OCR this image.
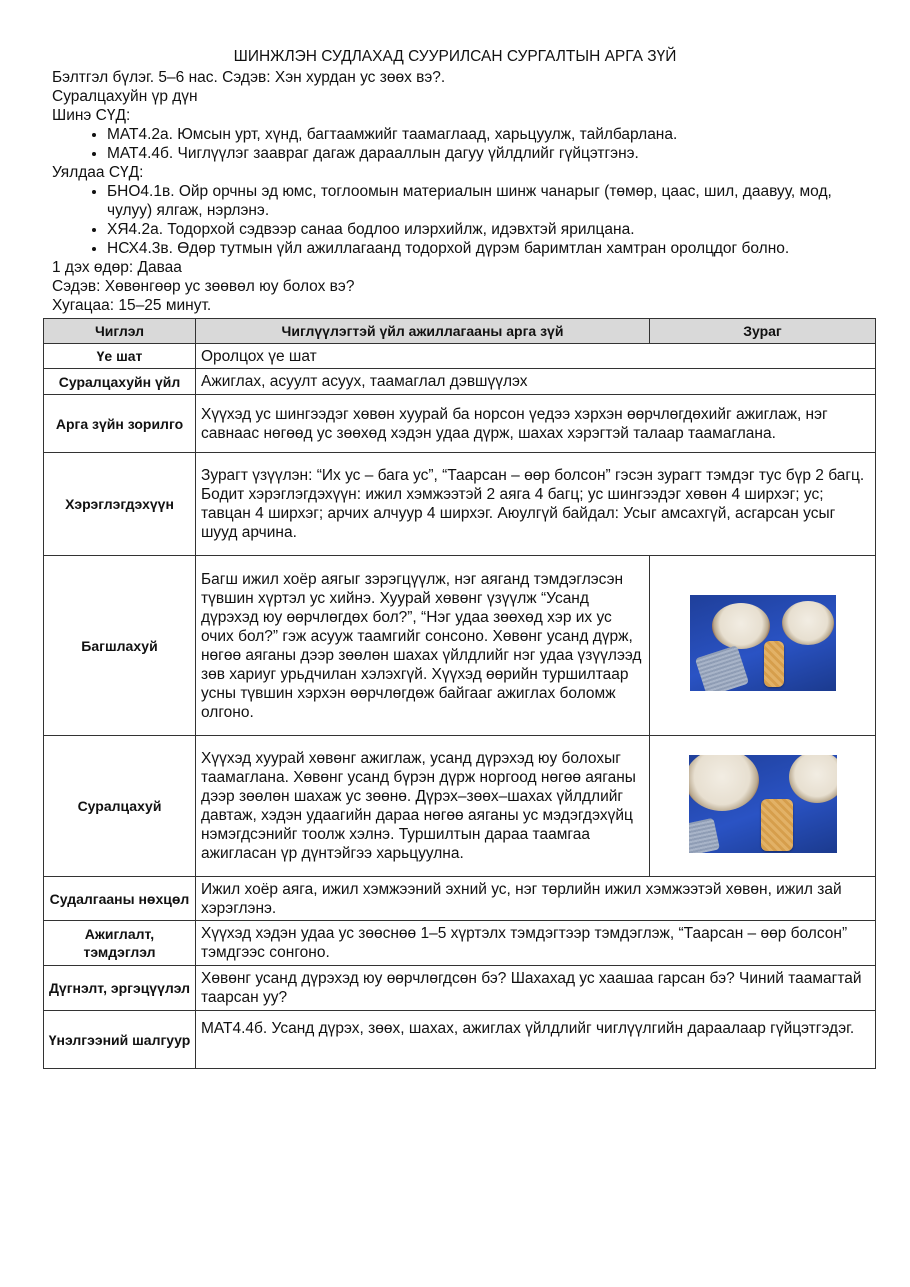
ШИНЖЛЭН СУДЛАХАД СУУРИЛСАН СУРГАЛТЫН АРГА ЗҮЙ
Бэлтгэл бүлэг. 5–6 нас. Сэдэв: Хэн хурдан ус зөөх вэ?.
Суралцахуйн үр дүн
Шинэ СҮД:
• МАТ4.2а. Юмсын урт, хүнд, багтаамжийг таамаглаад, харьцуулж, тайлбарлана.
• МАТ4.4б. Чиглүүлэг заавраг дагаж дарааллын дагуу үйлдлийг гүйцэтгэнэ.
Уялдаа СҮД:
• БНО4.1в. Ойр орчны эд юмс, тоглоомын материалын шинж чанарыг (төмөр, цаас, шил, даавуу, мод, чулуу) ялгаж, нэрлэнэ.
• ХЯ4.2а. Тодорхой сэдвээр санаа бодлоо илэрхийлж, идэвхтэй ярилцана.
• НСХ4.3в. Өдөр тутмын үйл ажиллагаанд тодорхой дүрэм баримтлан хамтран оролцдог болно.
1 дэх өдөр: Даваа
Сэдэв: Хөвөнгөөр ус зөөвөл юу болох вэ?
Хугацаа: 15–25 минут.
Чиглэл	Чиглүүлэгтэй үйл ажиллагааны арга зүй	Зураг
Үе шат	Оролцох үе шат	
Суралцахуйн үйл	Ажиглах, асуулт асуух, таамаглал дэвшүүлэх	
Арга зүйн зорилго	Хүүхэд ус шингээдэг хөвөн хуурай ба норсон үедээ хэрхэн өөрчлөгдөхийг ажиглаж, нэг савнаас нөгөөд ус зөөхөд хэдэн удаа дүрж, шахах хэрэгтэй талаар таамаглана.	
Хэрэглэгдэхүүн	Зурагт үзүүлэн: “Их ус – бага ус”, “Таарсан – өөр болсон” гэсэн зурагт тэмдэг тус бүр 2 багц. Бодит хэрэглэгдэхүүн: ижил хэмжээтэй 2 аяга 4 багц; ус шингээдэг хөвөн 4 ширхэг; ус; тавцан 4 ширхэг; арчих алчуур 4 ширхэг. Аюулгүй байдал: Усыг амсахгүй, асгарсан усыг шууд арчина.	
Багшлахуй	Багш ижил хоёр аягыг зэрэгцүүлж, нэг аяганд тэмдэглэсэн түвшин хүртэл ус хийнэ. Хуурай хөвөнг үзүүлж “Усанд дүрэхэд юу өөрчлөгдөх бол?”, “Нэг удаа зөөхөд хэр их ус очих бол?” гэж асууж таамгийг сонсоно. Хөвөнг усанд дүрж, нөгөө аяганы дээр зөөлөн шахах үйлдлийг нэг удаа үзүүлээд зөв хариуг урьдчилан хэлэхгүй. Хүүхэд өөрийн туршилтаар усны түвшин хэрхэн өөрчлөгдөж байгааг ажиглах боломж олгоно.	

Суралцахуй	Хүүхэд хуурай хөвөнг ажиглаж, усанд дүрэхэд юу болохыг таамаглана. Хөвөнг усанд бүрэн дүрж норгоод нөгөө аяганы дээр зөөлөн шахаж ус зөөнө. Дүрэх–зөөх–шахах үйлдлийг давтаж, хэдэн удаагийн дараа нөгөө аяганы ус мэдэгдэхүйц нэмэгдсэнийг тоолж хэлнэ. Туршилтын дараа таамгаа ажигласан үр дүнтэйгээ харьцуулна.	

Судалгааны нөхцөл	Ижил хоёр аяга, ижил хэмжээний эхний ус, нэг төрлийн ижил хэмжээтэй хөвөн, ижил зай хэрэглэнэ.	
Ажиглалт, тэмдэглэл	Хүүхэд хэдэн удаа ус зөөснөө 1–5 хүртэлх тэмдэгтээр тэмдэглэж, “Таарсан – өөр болсон” тэмдгээс сонгоно.	
Дүгнэлт, эргэцүүлэл	Хөвөнг усанд дүрэхэд юу өөрчлөгдсөн бэ? Шахахад ус хаашаа гарсан бэ? Чиний таамагтай таарсан уу?	
Үнэлгээний шалгуур	МАТ4.4б. Усанд дүрэх, зөөх, шахах, ажиглах үйлдлийг чиглүүлгийн дараалаар гүйцэтгэдэг.	
